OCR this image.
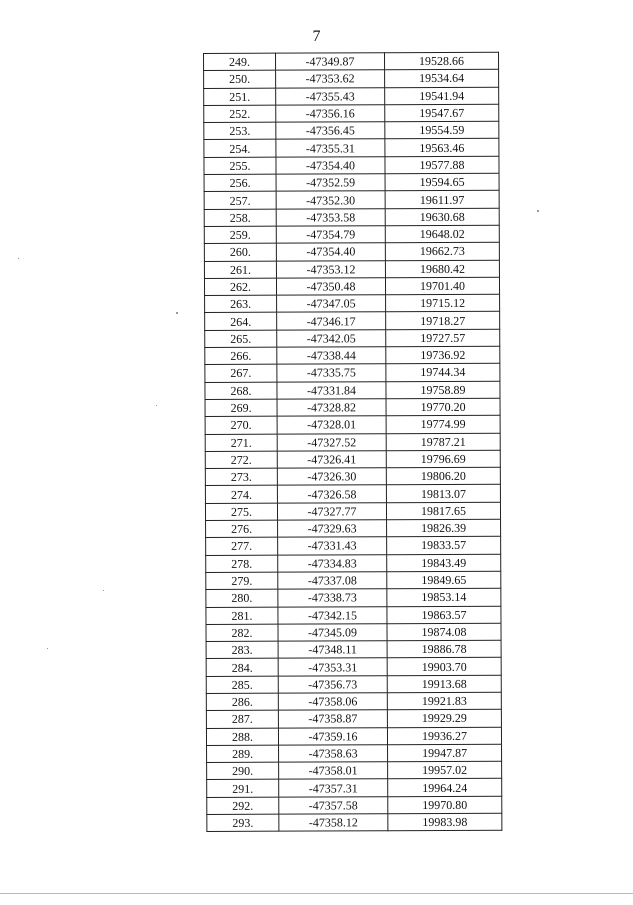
7
249.	-47349.87	19528.66
250.	-47353.62	19534.64
251.	-47355.43	19541.94
252.	-47356.16	19547.67
253.	-47356.45	19554.59
254.	-47355.31	19563.46
255.	-47354.40	19577.88
256.	-47352.59	19594.65
257.	-47352.30	19611.97
258.	-47353.58	19630.68
259.	-47354.79	19648.02
260.	-47354.40	19662.73
261.	-47353.12	19680.42
262.	-47350.48	19701.40
263.	-47347.05	19715.12
264.	-47346.17	19718.27
265.	-47342.05	19727.57
266.	-47338.44	19736.92
267.	-47335.75	19744.34
268.	-47331.84	19758.89
269.	-47328.82	19770.20
270.	-47328.01	19774.99
271.	-47327.52	19787.21
272.	-47326.41	19796.69
273.	-47326.30	19806.20
274.	-47326.58	19813.07
275.	-47327.77	19817.65
276.	-47329.63	19826.39
277.	-47331.43	19833.57
278.	-47334.83	19843.49
279.	-47337.08	19849.65
280.	-47338.73	19853.14
281.	-47342.15	19863.57
282.	-47345.09	19874.08
283.	-47348.11	19886.78
284.	-47353.31	19903.70
285.	-47356.73	19913.68
286.	-47358.06	19921.83
287.	-47358.87	19929.29
288.	-47359.16	19936.27
289.	-47358.63	19947.87
290.	-47358.01	19957.02
291.	-47357.31	19964.24
292.	-47357.58	19970.80
293.	-47358.12	19983.98
